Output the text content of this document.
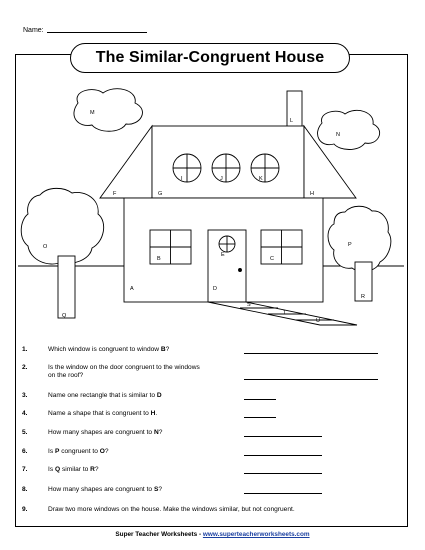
Name:
The Similar-Congruent House
M
N
L
F	G	H
I	J	K
B	C
E
A	D
O	P
Q
R
S
T
U
1.	Which window is congruent to window B?
2.	Is the window on the door congruent to the windows on the roof?
3.	Name one rectangle that is similar to D
4.	Name a shape that is congruent to H.
5.	How many shapes are congruent to N?
6.	Is P congruent to O?
7.	Is Q similar to R?
8.	How many shapes are congruent to S?
9.	Draw two more windows on the house. Make the windows similar, but not congruent.
Super Teacher Worksheets - www.superteacherworksheets.com
